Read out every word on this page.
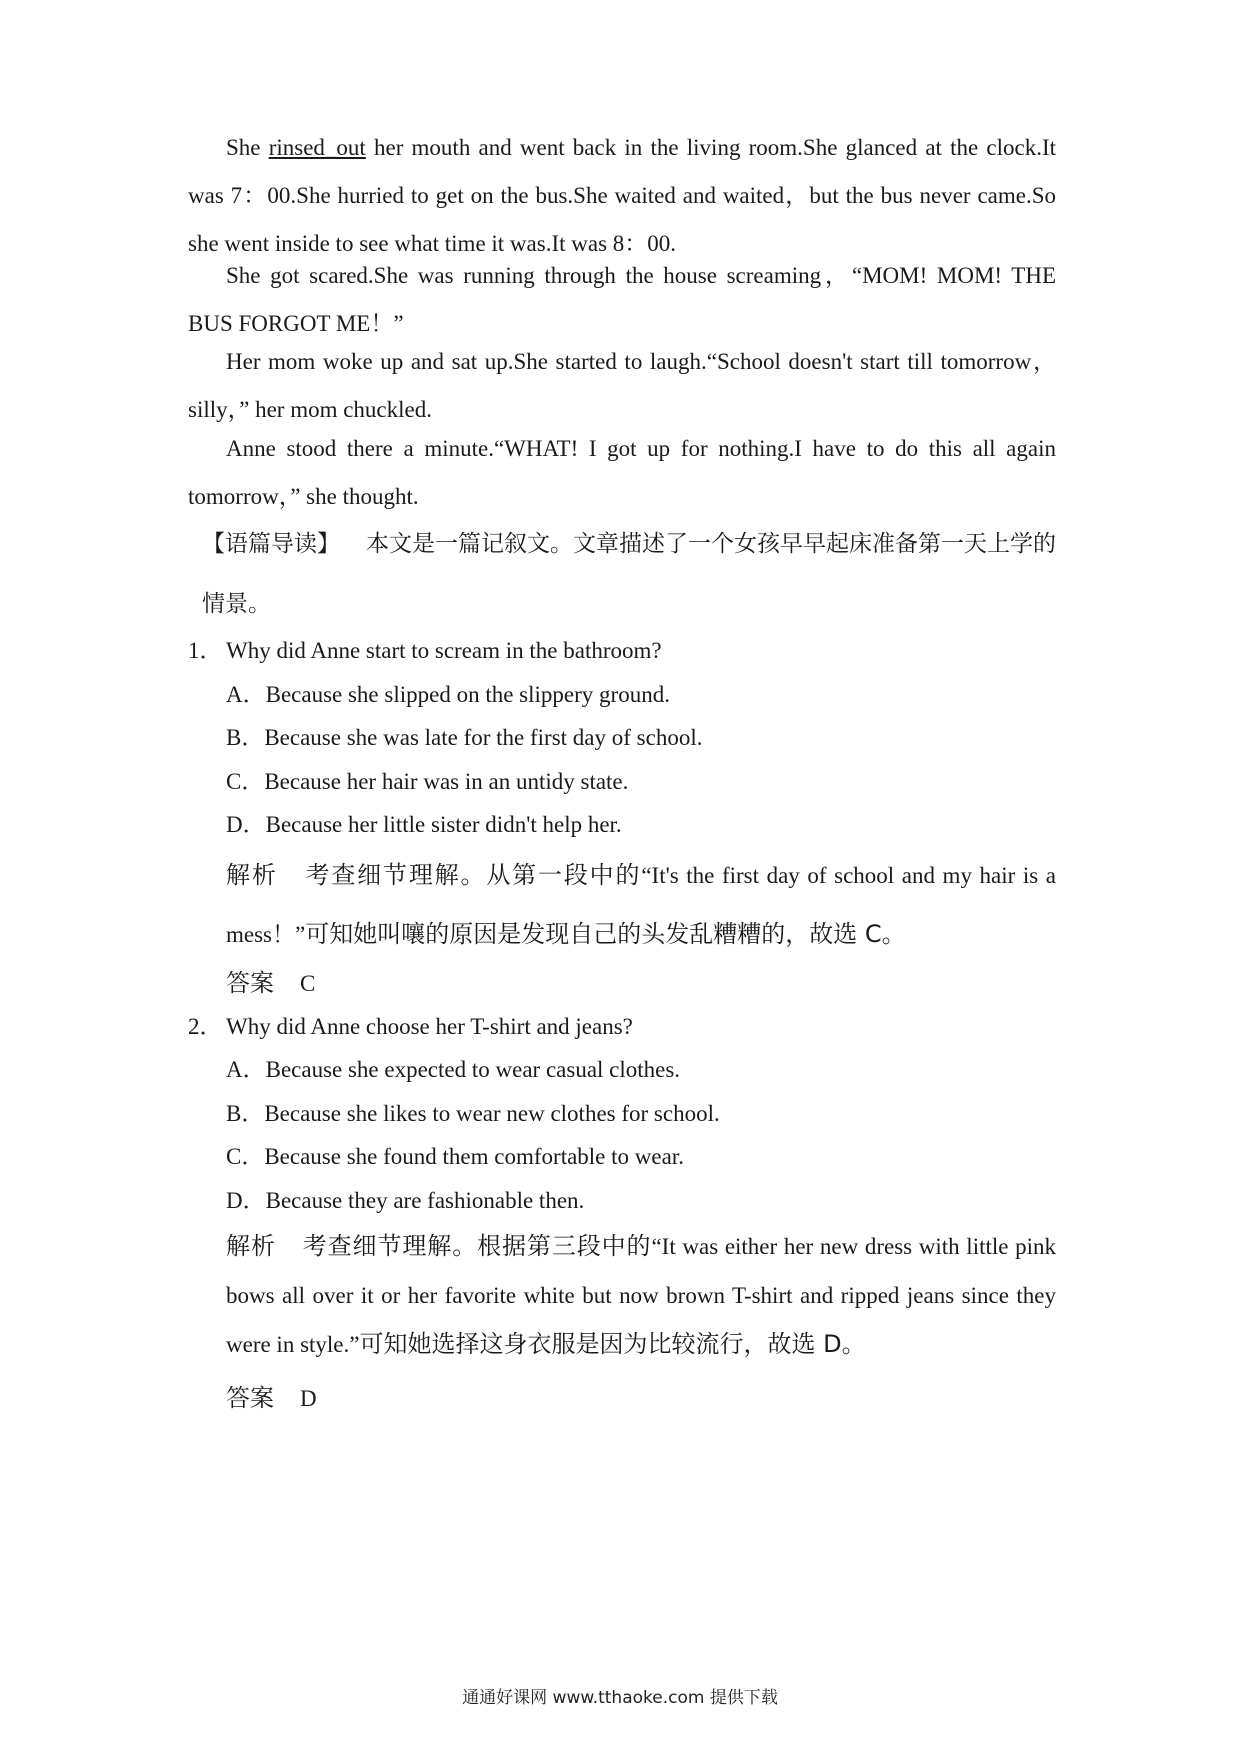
She rinsed_out her mouth and went back in the living room.She glanced at the clock.It was 7：00.She hurried to get on the bus.She waited and waited，but the bus never came.So she went inside to see what time it was.It was 8：00.

She got scared.She was running through the house screaming，“MOM! MOM! THE BUS FORGOT ME！”

Her mom woke up and sat up.She started to laugh.“School doesn't start till tomorrow，silly，” her mom chuckled.

Anne stood there a minute.“WHAT! I got up for nothing.I have to do this all again tomorrow，” she thought.

【语篇导读】 本文是一篇记叙文。文章描述了一个女孩早早起床准备第一天上学的情景。

1． Why did Anne start to scream in the bathroom?

A．Because she slipped on the slippery ground.

B．Because she was late for the first day of school.

C．Because her hair was in an untidy state.

D．Because her little sister didn't help her.

解析 考查细节理解。从第一段中的“It's the first day of school and my hair is a mess！”可知她叫嚷的原因是发现自己的头发乱糟糟的，故选 C。

答案 C

2． Why did Anne choose her T-shirt and jeans?

A．Because she expected to wear casual clothes.

B．Because she likes to wear new clothes for school.

C．Because she found them comfortable to wear.

D．Because they are fashionable then.

解析 考查细节理解。根据第三段中的“It was either her new dress with little pink bows all over it or her favorite white but now brown T-shirt and ripped jeans since they were in style.”可知她选择这身衣服是因为比较流行，故选 D。

答案 D

通通好课网 www.tthaoke.com 提供下载
